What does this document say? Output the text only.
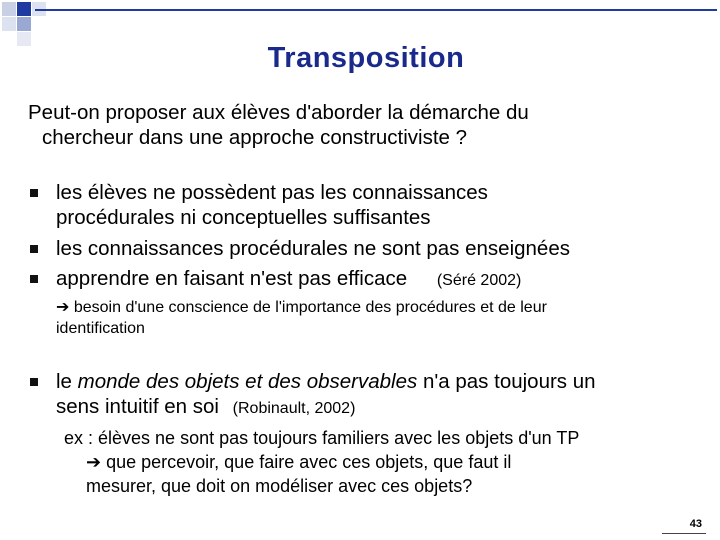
Transposition
Peut-on proposer aux élèves d'aborder la démarche du
chercheur dans une approche constructiviste ?
les élèves ne possèdent pas les connaissances
procédurales ni conceptuelles suffisantes
les connaissances procédurales ne sont pas enseignées
apprendre en faisant n'est pas efficace (Séré 2002)
➔ besoin d'une conscience de l'importance des procédures et de leur
identification
le monde des objets et des observables n'a pas toujours un
sens intuitif en soi (Robinault, 2002)
ex : élèves ne sont pas toujours familiers avec les objets d'un TP
➔ que percevoir, que faire avec ces objets, que faut il
mesurer, que doit on modéliser avec ces objets?
43
